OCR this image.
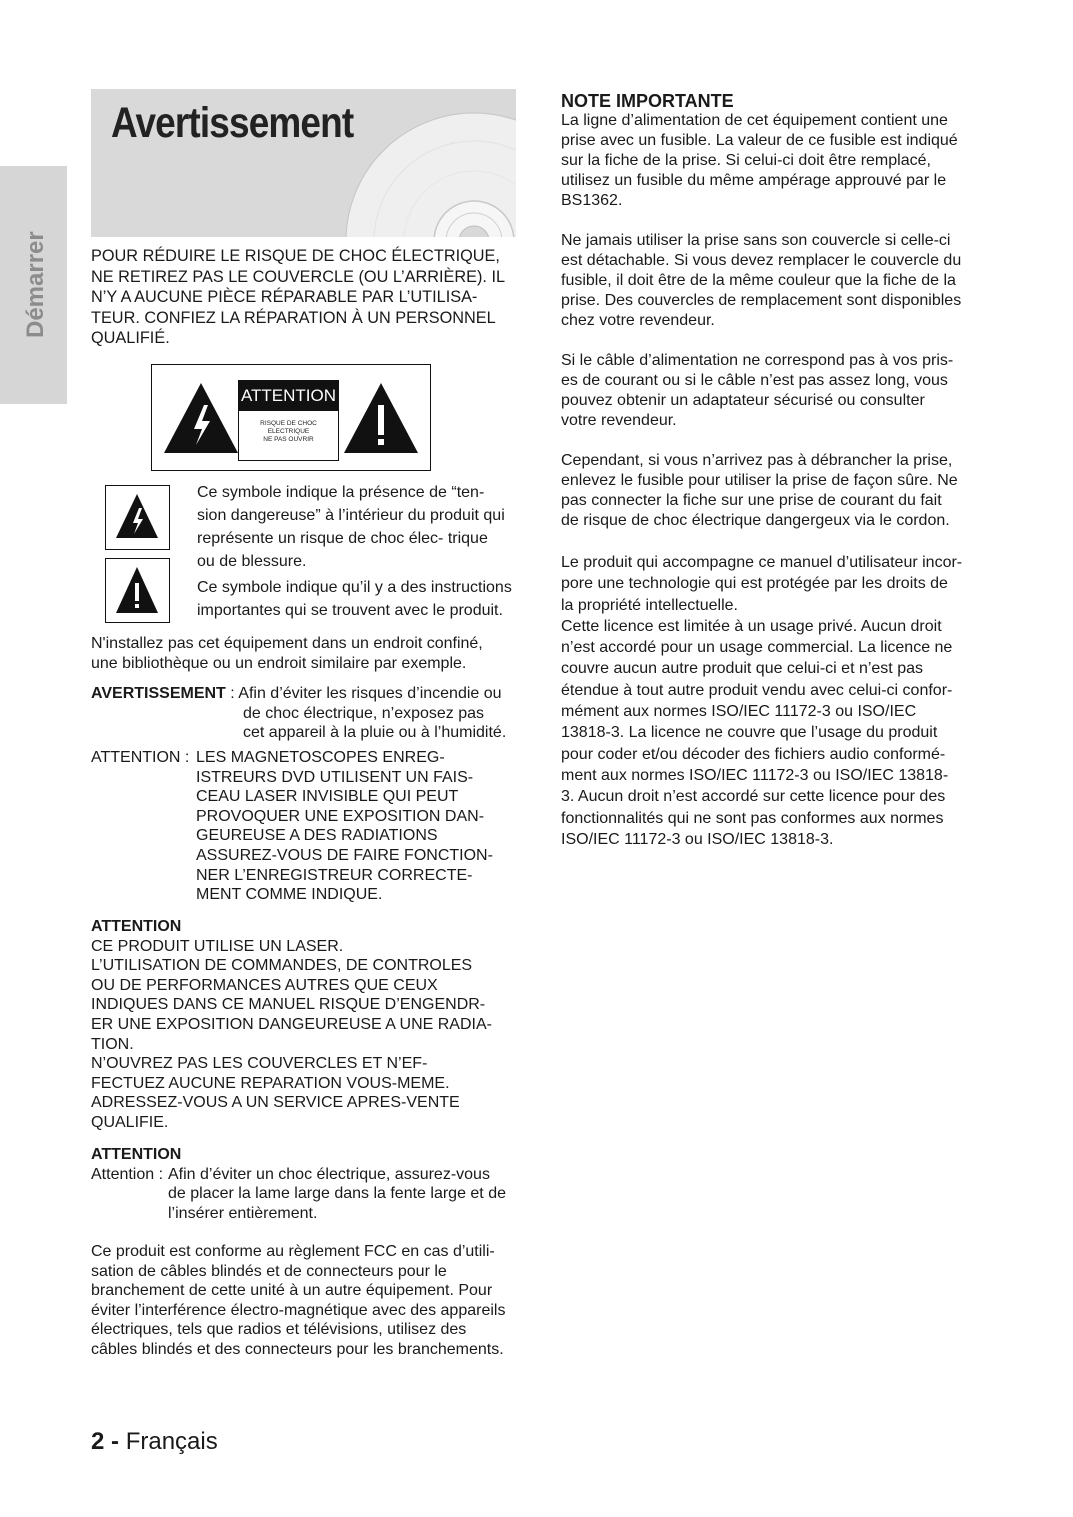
Démarrer
Avertissement

POUR RÉDUIRE LE RISQUE DE CHOC ÉLECTRIQUE, NE RETIREZ PAS LE COUVERCLE (OU L’ARRIÈRE). IL N’Y A AUCUNE PIÈCE RÉPARABLE PAR L’UTILISA- TEUR. CONFIEZ LA RÉPARATION À UN PERSONNEL QUALIFIÉ.

ATTENTION
RISQUE DE CHOC ELECTRIQUE
NE PAS OUVRIR

Ce symbole indique la présence de “ten- sion dangereuse” à l’intérieur du produit qui représente un risque de choc élec- trique ou de blessure.

Ce symbole indique qu’il y a des instructions importantes qui se trouvent avec le produit.

N'installez pas cet équipement dans un endroit confiné, une bibliothèque ou un endroit similaire par exemple.

AVERTISSEMENT : Afin d’éviter les risques d’incendie ou
de choc électrique, n’exposez pas
cet appareil à la pluie ou à l’humidité.
ATTENTION : LES MAGNETOSCOPES ENREG-
ISTREURS DVD UTILISENT UN FAIS-
CEAU LASER INVISIBLE QUI PEUT
PROVOQUER UNE EXPOSITION DAN-
GEUREUSE A DES RADIATIONS
ASSUREZ-VOUS DE FAIRE FONCTION-
NER L’ENREGISTREUR CORRECTE-
MENT COMME INDIQUE.
ATTENTION
CE PRODUIT UTILISE UN LASER.
L’UTILISATION DE COMMANDES, DE CONTROLES
OU DE PERFORMANCES AUTRES QUE CEUX
INDIQUES DANS CE MANUEL RISQUE D’ENGENDR-
ER UNE EXPOSITION DANGEUREUSE A UNE RADIA-
TION.
N’OUVREZ PAS LES COUVERCLES ET N’EF-
FECTUEZ AUCUNE REPARATION VOUS-MEME.
ADRESSEZ-VOUS A UN SERVICE APRES-VENTE
QUALIFIE.
ATTENTION
Attention : Afin d’éviter un choc électrique, assurez-vous
de placer la lame large dans la fente large et de
l’insérer entièrement.
Ce produit est conforme au règlement FCC en cas d’utili-
sation de câbles blindés et de connecteurs pour le
branchement de cette unité à un autre équipement. Pour
éviter l’interférence électro-magnétique avec des appareils
électriques, tels que radios et télévisions, utilisez des
câbles blindés et des connecteurs pour les branchements.
NOTE IMPORTANTE
La ligne d’alimentation de cet équipement contient une
prise avec un fusible. La valeur de ce fusible est indiqué
sur la fiche de la prise. Si celui-ci doit être remplacé,
utilisez un fusible du même ampérage approuvé par le
BS1362.
Ne jamais utiliser la prise sans son couvercle si celle-ci
est détachable. Si vous devez remplacer le couvercle du
fusible, il doit être de la même couleur que la fiche de la
prise. Des couvercles de remplacement sont disponibles
chez votre revendeur.
Si le câble d’alimentation ne correspond pas à vos pris-
es de courant ou si le câble n’est pas assez long, vous
pouvez obtenir un adaptateur sécurisé ou consulter
votre revendeur.
Cependant, si vous n’arrivez pas à débrancher la prise,
enlevez le fusible pour utiliser la prise de façon sûre. Ne
pas connecter la fiche sur une prise de courant du fait
de risque de choc électrique dangergeux via le cordon.
Le produit qui accompagne ce manuel d’utilisateur incor-
pore une technologie qui est protégée par les droits de
la propriété intellectuelle.
Cette licence est limitée à un usage privé. Aucun droit
n’est accordé pour un usage commercial. La licence ne
couvre aucun autre produit que celui-ci et n’est pas
étendue à tout autre produit vendu avec celui-ci confor-
mément aux normes ISO/IEC 11172-3 ou ISO/IEC
13818-3. La licence ne couvre que l’usage du produit
pour coder et/ou décoder des fichiers audio conformé-
ment aux normes ISO/IEC 11172-3 ou ISO/IEC 13818-
3. Aucun droit n’est accordé sur cette licence pour des
fonctionnalités qui ne sont pas conformes aux normes
ISO/IEC 11172-3 ou ISO/IEC 13818-3.
2 - Français
